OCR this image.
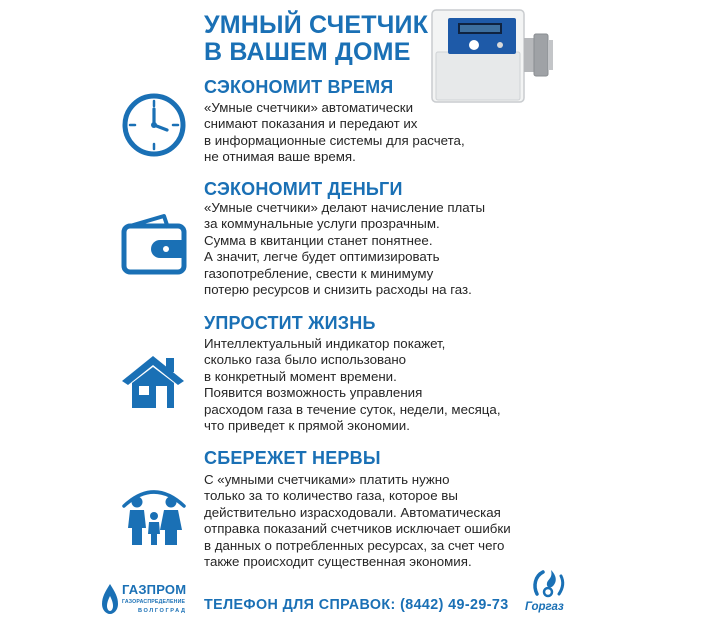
УМНЫЙ СЧЕТЧИК
В ВАШЕМ ДОМЕ
СЭКОНОМИТ ВРЕМЯ
«Умные счетчики» автоматически
снимают показания и передают их
в информационные системы для расчета,
не отнимая ваше время.
СЭКОНОМИТ ДЕНЬГИ
«Умные счетчики» делают начисление платы
за коммунальные услуги прозрачным.
Сумма в квитанции станет понятнее.
А значит, легче будет оптимизировать
газопотребление, свести к минимуму
потерю ресурсов и снизить расходы на газ.
УПРОСТИТ ЖИЗНЬ
Интеллектуальный индикатор покажет,
сколько газа было использовано
в конкретный момент времени.
Появится возможность управления
расходом газа в течение суток, недели, месяца,
что приведет к прямой экономии.
СБЕРЕЖЕТ НЕРВЫ
С «умными счетчиками» платить нужно
только за то количество газа, которое вы
действительно израсходовали. Автоматическая
отправка показаний счетчиков исключает ошибки
в данных о потребленных ресурсах, за счет чего
также происходит существенная экономия.
ГАЗПРОМ
ГАЗОРАСПРЕДЕЛЕНИЕ
ВОЛГОГРАД ТЕЛЕФОН ДЛЯ СПРАВОК: (8442) 49-29-73 Горгаз
